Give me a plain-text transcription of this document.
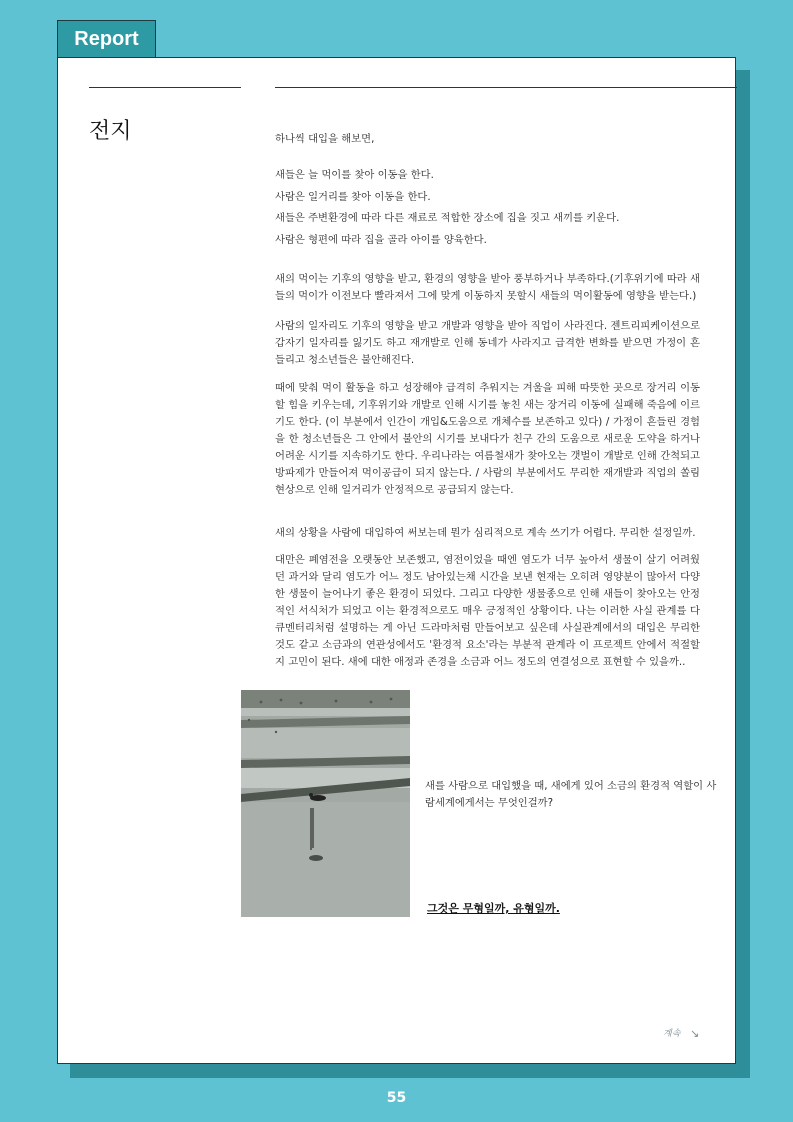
Report
전지	하나씩 대입을 해보면,

새들은 늘 먹이를 찾아 이동을 한다.

사람은 일거리를 찾아 이동을 한다.

새들은 주변환경에 따라 다른 재료로 적합한 장소에 집을 짓고 새끼를 키운다.

사람은 형편에 따라 집을 골라 아이를 양육한다.

새의 먹이는 기후의 영향을 받고, 환경의 영향을 받아 풍부하거나 부족하다.(기후위기에 따라 새들의 먹이가 이전보다 빨라져서 그에 맞게 이동하지 못할시 새들의 먹이활동에 영향을 받는다.)

사람의 일자리도 기후의 영향을 받고 개발과 영향을 받아 직업이 사라진다. 젠트리피케이션으로 갑자기 일자리를 잃기도 하고 재개발로 인해 동네가 사라지고 급격한 변화를 받으면 가정이 흔들리고 청소년들은 불안해진다.

때에 맞춰 먹이 활동을 하고 성장해야 급격히 추워지는 겨울을 피해 따뜻한 곳으로 장거리 이동할 힘을 키우는데, 기후위기와 개발로 인해 시기를 놓친 새는 장거리 이동에 실패해 죽음에 이르기도 한다. (이 부분에서 인간이 개입&도움으로 개체수를 보존하고 있다) / 가정이 흔들린 경험을 한 청소년들은 그 안에서 불안의 시기를 보내다가 친구 간의 도움으로 새로운 도약을 하거나 어려운 시기를 지속하기도 한다. 우리나라는 여름철새가 찾아오는 갯벌이 개발로 인해 간척되고 방파제가 만들어져 먹이공급이 되지 않는다. / 사람의 부분에서도 무리한 재개발과 직업의 쏠림현상으로 인해 일거리가 안정적으로 공급되지 않는다.

새의 상황을 사람에 대입하여 써보는데 뭔가 심리적으로 계속 쓰기가 어렵다. 무리한 설정일까.

대만은 폐염전을 오랫동안 보존했고, 염전이었을 때엔 염도가 너무 높아서 생물이 살기 어려웠던 과거와 달리 염도가 어느 정도 남아있는채 시간을 보낸 현재는 오히려 영양분이 많아서 다양한 생물이 늘어나기 좋은 환경이 되었다. 그리고 다양한 생물종으로 인해 새들이 찾아오는 안정적인 서식처가 되었고 이는 환경적으로도 매우 긍정적인 상황이다. 나는 이러한 사실 관계를 다큐멘터리처럼 설명하는 게 아닌 드라마처럼 만들어보고 싶은데 사실관계에서의 대입은 무리한 것도 같고 소금과의 연관성에서도 '환경적 요소'라는 부분적 관계라 이 프로젝트 안에서 적절할지 고민이 된다. 새에 대한 애정과 존경을 소금과 어느 정도의 연결성으로 표현할 수 있을까..

새를 사람으로 대입했을 때, 새에게 있어 소금의 환경적 역할이 사람세계에게서는 무엇인걸까?
그것은 무형일까, 유형일까.
계속 ↘
55
